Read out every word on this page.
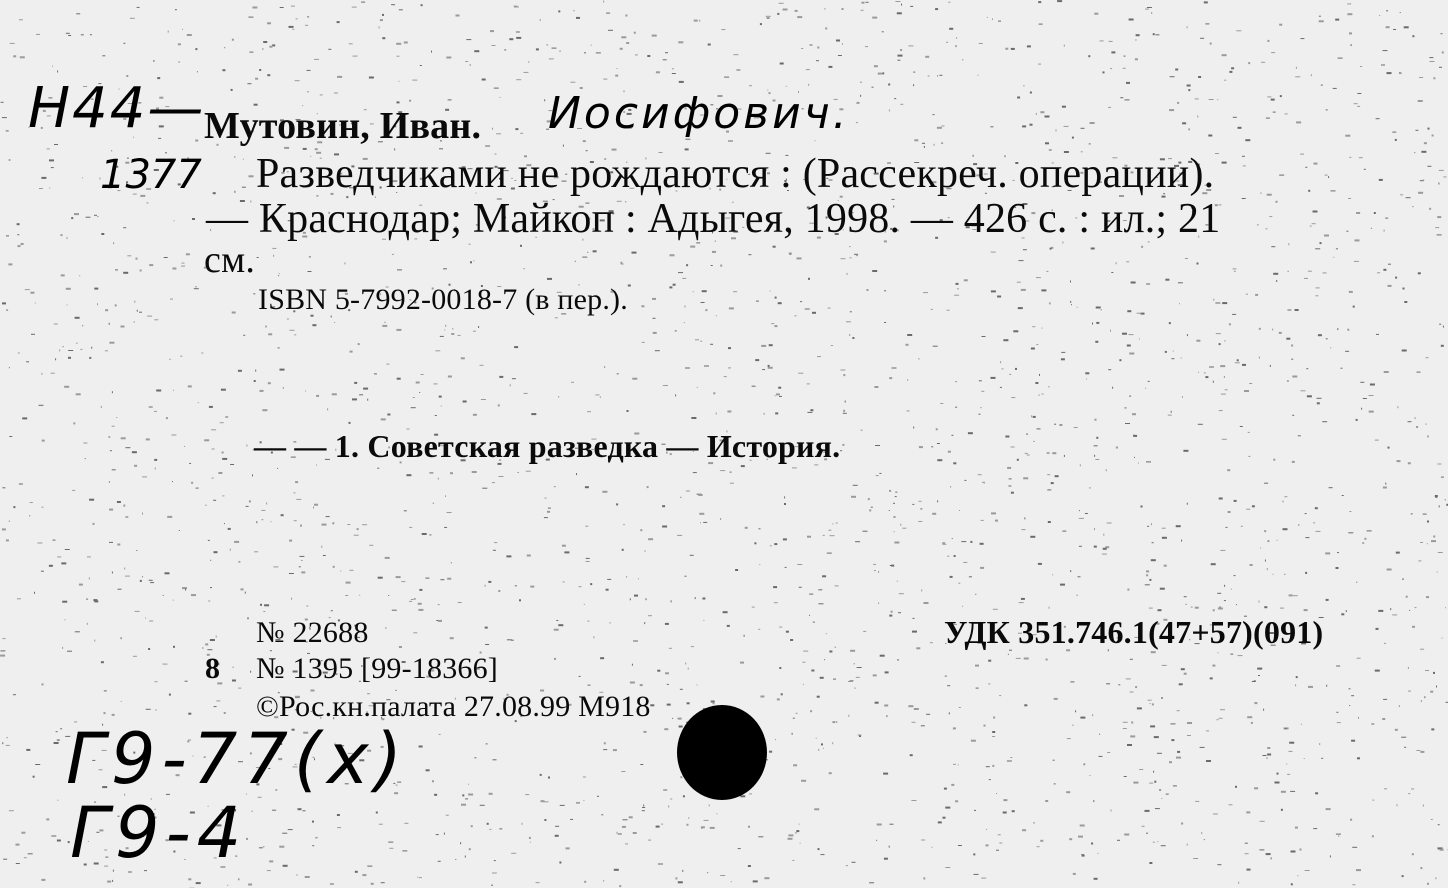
Н44—
1377
Мутовин, Иван. Иосифович.
Разведчиками не рождаются : (Рассекреч. операции).
— Краснодар; Майкоп : Адыгея, 1998. — 426 с. : ил.; 21
см.
ISBN 5-7992-0018-7 (в пер.).
— — 1. Советская разведка — История.
№ 22688	УДК 351.746.1(47+57)(091)
8 № 1395 [99-18366]
©Рос.кн.палата 27.08.99 М918
Г9-77(х)
Г9-4
